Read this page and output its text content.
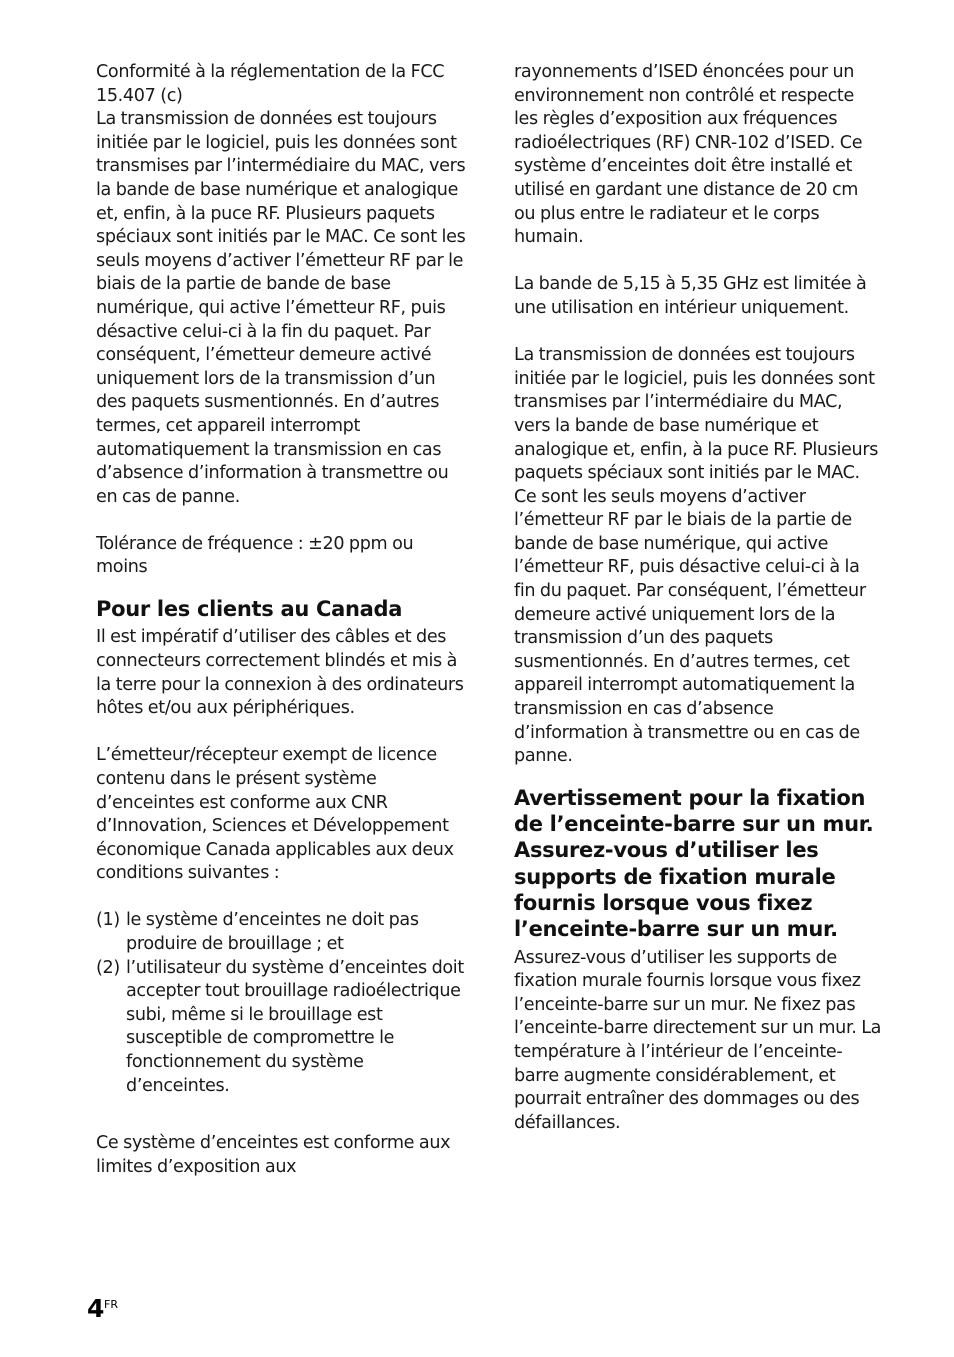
Conformité à la réglementation de la FCC 15.407 (c)

La transmission de données est toujours initiée par le logiciel, puis les données sont transmises par l’intermédiaire du MAC, vers la bande de base numérique et analogique et, enfin, à la puce RF. Plusieurs paquets spéciaux sont initiés par le MAC. Ce sont les seuls moyens d’activer l’émetteur RF par le biais de la partie de bande de base numérique, qui active l’émetteur RF, puis désactive celui-ci à la fin du paquet. Par conséquent, l’émetteur demeure activé uniquement lors de la transmission d’un des paquets susmentionnés. En d’autres termes, cet appareil interrompt automatiquement la transmission en cas d’absence d’information à transmettre ou en cas de panne.

Tolérance de fréquence : ±20 ppm ou moins

Pour les clients au Canada

Il est impératif d’utiliser des câbles et des connecteurs correctement blindés et mis à la terre pour la connexion à des ordinateurs hôtes et/ou aux périphériques.

L’émetteur/récepteur exempt de licence contenu dans le présent système d’enceintes est conforme aux CNR d’Innovation, Sciences et Développement économique Canada applicables aux deux conditions suivantes :

(1) le système d’enceintes ne doit pas produire de brouillage ; et
(2) l’utilisateur du système d’enceintes doit accepter tout brouillage radioélectrique subi, même si le brouillage est susceptible de compromettre le fonctionnement du système d’enceintes.

Ce système d’enceintes est conforme aux limites d’exposition aux

rayonnements d’ISED énoncées pour un environnement non contrôlé et respecte les règles d’exposition aux fréquences radioélectriques (RF) CNR-102 d’ISED. Ce système d’enceintes doit être installé et utilisé en gardant une distance de 20 cm ou plus entre le radiateur et le corps humain.

La bande de 5,15 à 5,35 GHz est limitée à une utilisation en intérieur uniquement.

La transmission de données est toujours initiée par le logiciel, puis les données sont transmises par l’intermédiaire du MAC, vers la bande de base numérique et analogique et, enfin, à la puce RF. Plusieurs paquets spéciaux sont initiés par le MAC. Ce sont les seuls moyens d’activer l’émetteur RF par le biais de la partie de bande de base numérique, qui active l’émetteur RF, puis désactive celui-ci à la fin du paquet. Par conséquent, l’émetteur demeure activé uniquement lors de la transmission d’un des paquets susmentionnés. En d’autres termes, cet appareil interrompt automatiquement la transmission en cas d’absence d’information à transmettre ou en cas de panne.

Avertissement pour la fixation de l’enceinte-barre sur un mur. Assurez-vous d’utiliser les supports de fixation murale fournis lorsque vous fixez l’enceinte-barre sur un mur.

Assurez-vous d’utiliser les supports de fixation murale fournis lorsque vous fixez l’enceinte-barre sur un mur. Ne fixez pas l’enceinte-barre directement sur un mur. La température à l’intérieur de l’enceinte-barre augmente considérablement, et pourrait entraîner des dommages ou des défaillances.

4 FR
